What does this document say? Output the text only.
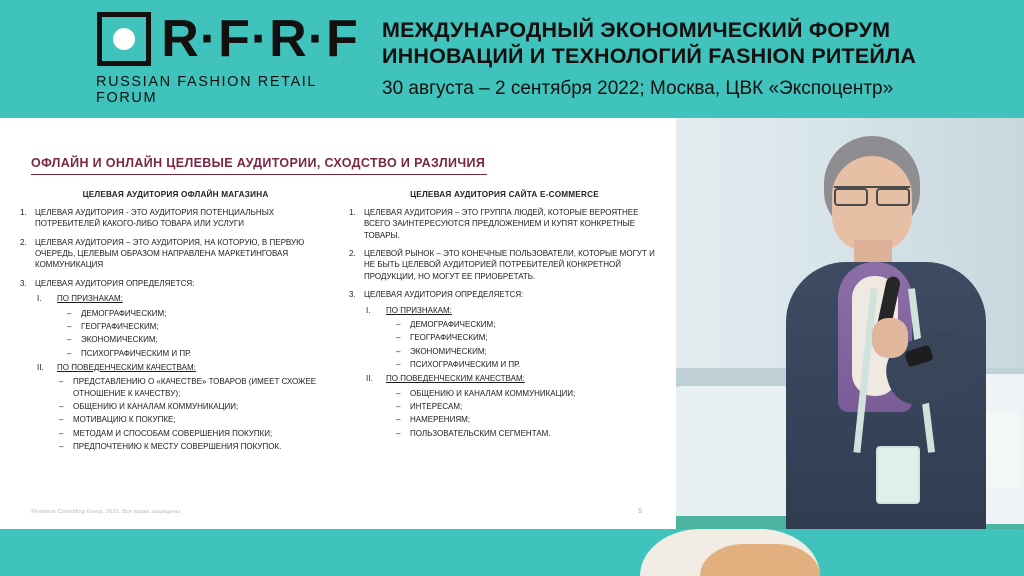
R·F·R·F
RUSSIAN FASHION RETAIL FORUM
МЕЖДУНАРОДНЫЙ ЭКОНОМИЧЕСКИЙ ФОРУМ
ИННОВАЦИЙ И ТЕХНОЛОГИЙ FASHION РИТЕЙЛА
30 августа – 2 сентября 2022; Москва, ЦВК «Экспоцентр»
ОФЛАЙН И ОНЛАЙН ЦЕЛЕВЫЕ АУДИТОРИИ, СХОДСТВО И РАЗЛИЧИЯ
ЦЕЛЕВАЯ АУДИТОРИЯ ОФЛАЙН МАГАЗИНА
ЦЕЛЕВАЯ АУДИТОРИЯ - ЭТО АУДИТОРИЯ ПОТЕНЦИАЛЬНЫХ ПОТРЕБИТЕЛЕЙ КАКОГО-ЛИБО ТОВАРА ИЛИ УСЛУГИ
ЦЕЛЕВАЯ АУДИТОРИЯ – ЭТО АУДИТОРИЯ, НА КОТОРУЮ, В ПЕРВУЮ ОЧЕРЕДЬ, ЦЕЛЕВЫМ ОБРАЗОМ НАПРАВЛЕНА МАРКЕТИНГОВАЯ КОММУНИКАЦИЯ
ЦЕЛЕВАЯ АУДИТОРИЯ ОПРЕДЕЛЯЕТСЯ:
ПО ПРИЗНАКАМ:
– ДЕМОГРАФИЧЕСКИМ;
– ГЕОГРАФИЧЕСКИМ;
– ЭКОНОМИЧЕСКИМ;
– ПСИХОГРАФИЧЕСКИМ И ПР.
ПО ПОВЕДЕНЧЕСКИМ КАЧЕСТВАМ:
– ПРЕДСТАВЛЕНИЮ О «КАЧЕСТВЕ» ТОВАРОВ (ИМЕЕТ СХОЖЕЕ ОТНОШЕНИЕ К КАЧЕСТВУ);
– ОБЩЕНИЮ И КАНАЛАМ КОММУНИКАЦИИ;
– МОТИВАЦИЮ К ПОКУПКЕ;
– МЕТОДАМ И СПОСОБАМ СОВЕРШЕНИЯ ПОКУПКИ;
– ПРЕДПОЧТЕНИЮ К МЕСТУ СОВЕРШЕНИЯ ПОКУПОК.
ЦЕЛЕВАЯ АУДИТОРИЯ САЙТА E-COMMERCE
ЦЕЛЕВАЯ АУДИТОРИЯ – ЭТО ГРУППА ЛЮДЕЙ, КОТОРЫЕ ВЕРОЯТНЕЕ ВСЕГО ЗАИНТЕРЕСУЮТСЯ ПРЕДЛОЖЕНИЕМ И КУПЯТ КОНКРЕТНЫЕ ТОВАРЫ.
ЦЕЛЕВОЙ РЫНОК – ЭТО КОНЕЧНЫЕ ПОЛЬЗОВАТЕЛИ, КОТОРЫЕ МОГУТ И НЕ БЫТЬ ЦЕЛЕВОЙ АУДИТОРИЕЙ ПОТРЕБИТЕЛЕЙ КОНКРЕТНОЙ ПРОДУКЦИИ, НО МОГУТ ЕЕ ПРИОБРЕТАТЬ.
ЦЕЛЕВАЯ АУДИТОРИЯ ОПРЕДЕЛЯЕТСЯ:
ПО ПРИЗНАКАМ:
– ДЕМОГРАФИЧЕСКИМ;
– ГЕОГРАФИЧЕСКИМ;
– ЭКОНОМИЧЕСКИМ;
– ПСИХОГРАФИЧЕСКИМ И ПР.
ПО ПОВЕДЕНЧЕСКИМ КАЧЕСТВАМ:
– ОБЩЕНИЮ И КАНАЛАМ КОММУНИКАЦИИ;
– ИНТЕРЕСАМ;
– НАМЕРЕНИЯМ;
– ПОЛЬЗОВАТЕЛЬСКИМ СЕГМЕНТАМ.
©Fashion Consulting Group, 2022. Все права защищены.	5
